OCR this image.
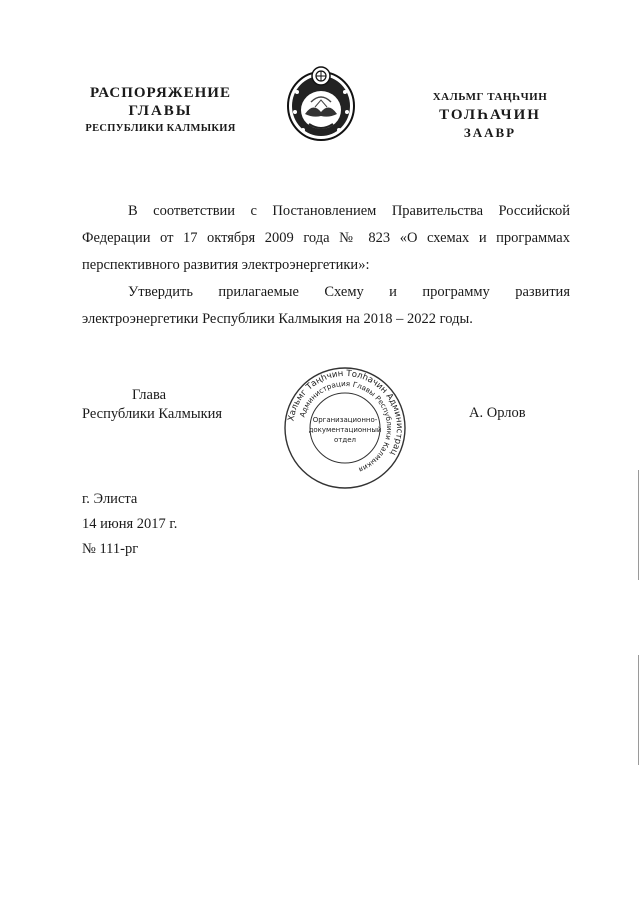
РАСПОРЯЖЕНИЕ
ГЛАВЫ
РЕСПУБЛИКИ КАЛМЫКИЯ
ХАЛЬМГ ТАҢҺЧИН
ТОЛҺАЧИН
ЗААВР
В соответствии с Постановлением Правительства Российской Федерации от 17 октября 2009 года № 823 «О схемах и программах перспективного развития электроэнергетики»:
Утвердить прилагаемые Схему и программу развития электроэнергетики Республики Калмыкия на 2018 – 2022 годы.
Глава
Республики Калмыкия	Хальмг Таңһчин Толһачин Администрац
Администрация Главы Республики Калмыкия
Организационно-
документационный
отдел
А. Орлов
г. Элиста
14 июня 2017 г.
№ 111-рг
